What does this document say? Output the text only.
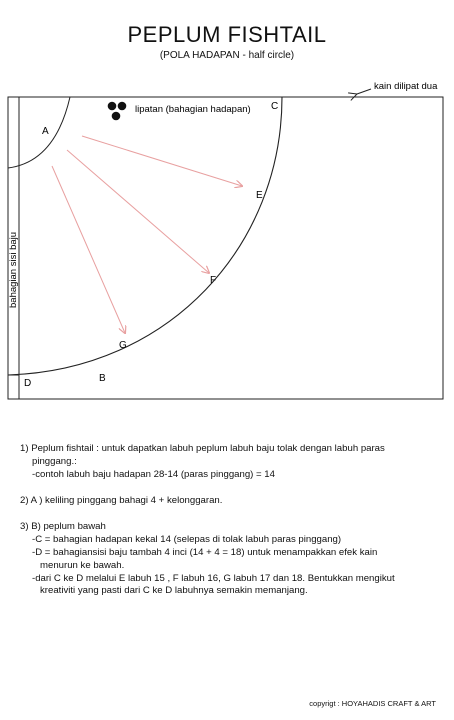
PEPLUM FISHTAIL
(POLA HADAPAN - half circle)
kain dilipat dua
lipatan (bahagian hadapan)
bahagian sisi baju
A
C
E
F
G
B
D

1) Peplum fishtail : untuk dapatkan labuh peplum labuh baju tolak dengan labuh paras

pinggang.:

-contoh labuh baju hadapan 28-14 (paras pinggang) = 14

2) A ) keliling pinggang bahagi 4 + kelonggaran.

3) B) peplum bawah

-C = bahagian hadapan kekal 14 (selepas di tolak labuh paras pinggang)

-D = bahagiansisi baju tambah 4 inci (14 + 4 = 18) untuk menampakkan efek kain

menurun ke bawah.

-dari C ke D melalui E labuh 15 , F labuh 16, G labuh 17 dan 18. Bentukkan mengikut

kreativiti yang pasti dari C ke D labuhnya semakin memanjang.

copyrigt : HOYAHADIS CRAFT & ART
